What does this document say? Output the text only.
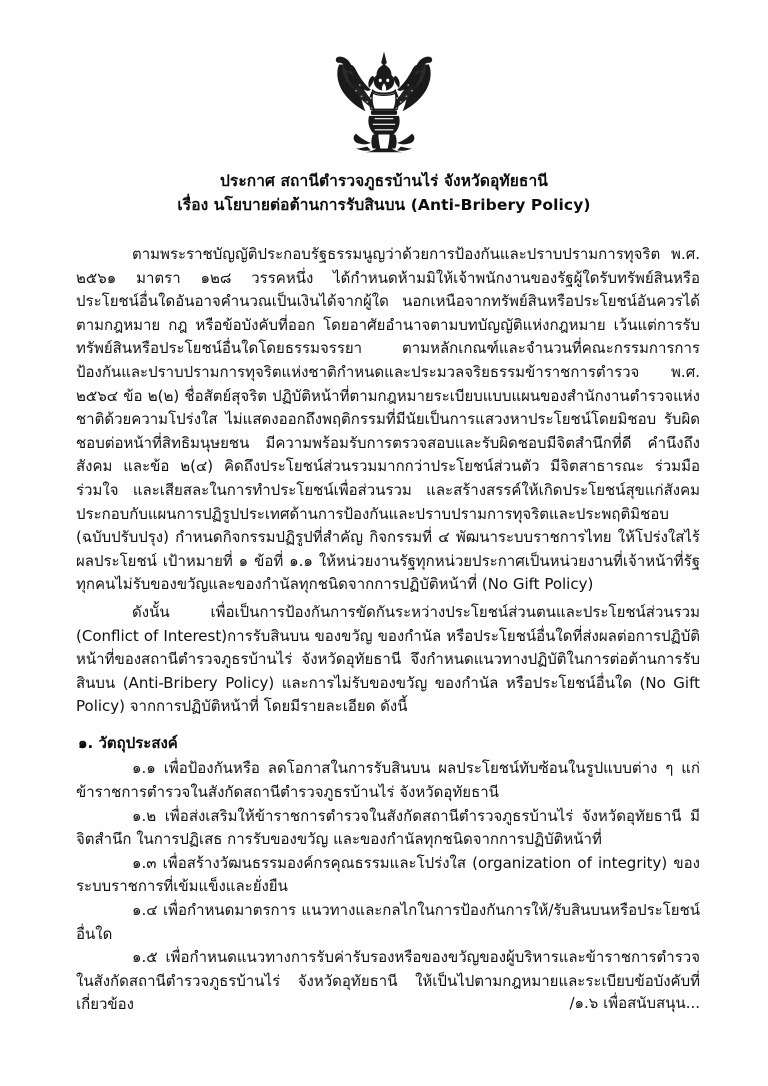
ประกาศ สถานีตำรวจภูธรบ้านไร่ จังหวัดอุทัยธานี
เรื่อง นโยบายต่อต้านการรับสินบน (Anti-Bribery Policy)

ตามพระราชบัญญัติประกอบรัฐธรรมนูญว่าด้วยการป้องกันและปราบปรามการทุจริต พ.ศ. ๒๕๖๑ มาตรา ๑๒๘ วรรคหนึ่ง ได้กำหนดห้ามมิให้เจ้าพนักงานของรัฐผู้ใดรับทรัพย์สินหรือประโยชน์อื่นใดอันอาจคำนวณเป็นเงินได้จากผู้ใด นอกเหนือจากทรัพย์สินหรือประโยชน์อันควรได้ตามกฎหมาย กฎ หรือข้อบังคับที่ออก โดยอาศัยอำนาจตามบทบัญญัติแห่งกฎหมาย เว้นแต่การรับทรัพย์สินหรือประโยชน์อื่นใดโดยธรรมจรรยา ตามหลักเกณฑ์และจำนวนที่คณะกรรมการการป้องกันและปราบปรามการทุจริตแห่งชาติกำหนดและประมวลจริยธรรมข้าราชการตำรวจ พ.ศ. ๒๕๖๔ ข้อ ๒(๒) ชื่อสัตย์สุจริต ปฏิบัติหน้าที่ตามกฎหมายระเบียบแบบแผนของสำนักงานตำรวจแห่งชาติด้วยความโปร่งใส ไม่แสดงออกถึงพฤติกรรมที่มีนัยเป็นการแสวงหาประโยชน์โดยมิชอบ รับผิดชอบต่อหน้าที่สิทธิมนุษยชน มีความพร้อมรับการตรวจสอบและรับผิดชอบมีจิตสำนึกที่ดี คำนึงถึงสังคม และข้อ ๒(๔) คิดถึงประโยชน์ส่วนรวมมากกว่าประโยชน์ส่วนตัว มีจิตสาธารณะ ร่วมมือ ร่วมใจ และเสียสละในการทำประโยชน์เพื่อส่วนรวม และสร้างสรรค์ให้เกิดประโยชน์สุขแก่สังคม ประกอบกับแผนการปฏิรูปประเทศด้านการป้องกันและปราบปรามการทุจริตและประพฤติมิชอบ (ฉบับปรับปรุง) กำหนดกิจกรรมปฏิรูปที่สำคัญ กิจกรรมที่ ๔ พัฒนาระบบราชการไทย ให้โปร่งใสไร้ผลประโยชน์ เป้าหมายที่ ๑ ข้อที่ ๑.๑ ให้หน่วยงานรัฐทุกหน่วยประกาศเป็นหน่วยงานที่เจ้าหน้าที่รัฐทุกคนไม่รับของขวัญและของกำนัลทุกชนิดจากการปฏิบัติหน้าที่ (No Gift Policy)

ดังนั้น เพื่อเป็นการป้องกันการขัดกันระหว่างประโยชน์ส่วนตนและประโยชน์ส่วนรวม (Conflict of Interest)การรับสินบน ของขวัญ ของกำนัล หรือประโยชน์อื่นใดที่ส่งผลต่อการปฏิบัติหน้าที่ของสถานีตำรวจภูธรบ้านไร่ จังหวัดอุทัยธานี จึงกำหนดแนวทางปฏิบัติในการต่อต้านการรับสินบน (Anti-Bribery Policy) และการไม่รับของขวัญ ของกำนัล หรือประโยชน์อื่นใด (No Gift Policy) จากการปฏิบัติหน้าที่ โดยมีรายละเอียด ดังนี้

๑. วัตถุประสงค์

๑.๑ เพื่อป้องกันหรือ ลดโอกาสในการรับสินบน ผลประโยชน์ทับซ้อนในรูปแบบต่าง ๆ แก่ข้าราชการตำรวจในสังกัดสถานีตำรวจภูธรบ้านไร่ จังหวัดอุทัยธานี

๑.๒ เพื่อส่งเสริมให้ข้าราชการตำรวจในสังกัดสถานีตำรวจภูธรบ้านไร่ จังหวัดอุทัยธานี มีจิตสำนึก ในการปฏิเสธ การรับของขวัญ และของกำนัลทุกชนิดจากการปฏิบัติหน้าที่

๑.๓ เพื่อสร้างวัฒนธรรมองค์กรคุณธรรมและโปร่งใส (organization of integrity) ของระบบราชการที่เข้มแข็งและยั่งยืน

๑.๔ เพื่อกำหนดมาตรการ แนวทางและกลไกในการป้องกันการให้/รับสินบนหรือประโยชน์อื่นใด

๑.๕ เพื่อกำหนดแนวทางการรับค่ารับรองหรือของขวัญของผู้บริหารและข้าราชการตำรวจในสังกัดสถานีตำรวจภูธรบ้านไร่ จังหวัดอุทัยธานี ให้เป็นไปตามกฎหมายและระเบียบข้อบังคับที่เกี่ยวข้อง	/๑.๖ เพื่อสนับสนุน...
